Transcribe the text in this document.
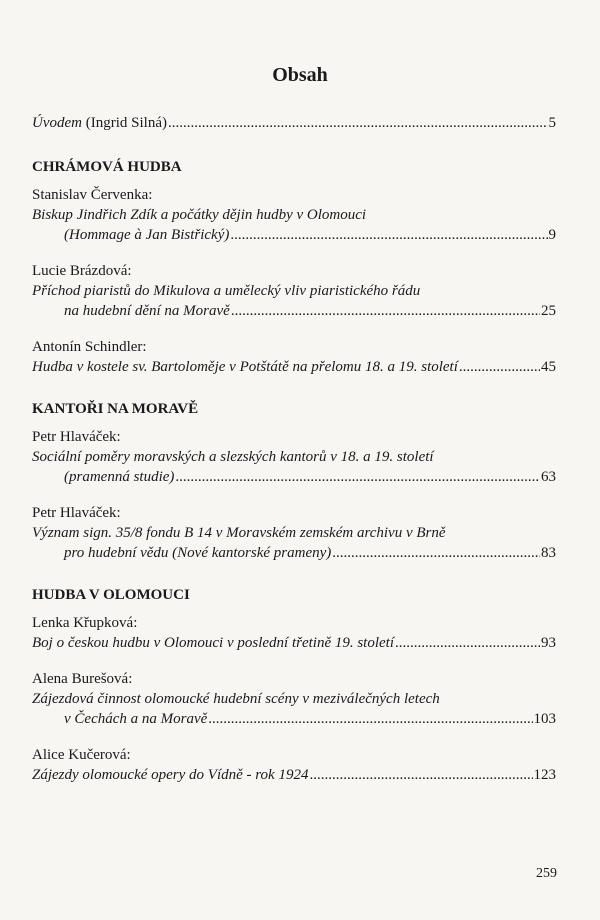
Obsah
Úvodem (Ingrid Silná) .....	5
CHRÁMOVÁ HUDBA
Stanislav Červenka:
Biskup Jindřich Zdík a počátky dějin hudby v Olomouci
(Hommage à Jan Bistřický) .....	9
Lucie Brázdová:
Příchod piaristů do Mikulova a umělecký vliv piaristického řádu
na hudební dění na Moravě .....	25
Antonín Schindler:
Hudba v kostele sv. Bartoloměje v Potštátě na přelomu 18. a 19. století .....	45
KANTOŘI NA MORAVĚ
Petr Hlaváček:
Sociální poměry moravských a slezských kantorů v 18. a 19. století
(pramenná studie) .....	63
Petr Hlaváček:
Význam sign. 35/8 fondu B 14 v Moravském zemském archivu v Brně
pro hudební vědu (Nové kantorské prameny) .....	83
HUDBA V OLOMOUCI
Lenka Křupková:
Boj o českou hudbu v Olomouci v poslední třetině 19. století .....	93
Alena Burešová:
Zájezdová činnost olomoucké hudební scény v meziválečných letech
v Čechách a na Moravě .....	103
Alice Kučerová:
Zájezdy olomoucké opery do Vídně - rok 1924 .....	123
259
